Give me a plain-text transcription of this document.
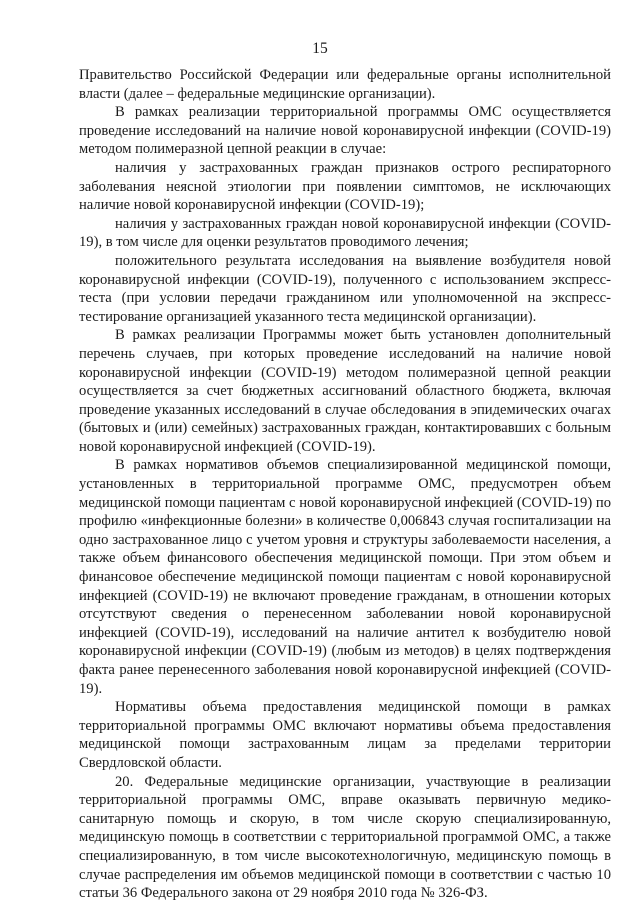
15

Правительство Российской Федерации или федеральные органы исполнительной власти (далее – федеральные медицинские организации).

В рамках реализации территориальной программы ОМС осуществляется проведение исследований на наличие новой коронавирусной инфекции (COVID-19) методом полимеразной цепной реакции в случае:

наличия у застрахованных граждан признаков острого респираторного заболевания неясной этиологии при появлении симптомов, не исключающих наличие новой коронавирусной инфекции (COVID-19);

наличия у застрахованных граждан новой коронавирусной инфекции (COVID-19), в том числе для оценки результатов проводимого лечения;

положительного результата исследования на выявление возбудителя новой коронавирусной инфекции (COVID-19), полученного с использованием экспресс-теста (при условии передачи гражданином или уполномоченной на экспресс-тестирование организацией указанного теста медицинской организации).

В рамках реализации Программы может быть установлен дополнительный перечень случаев, при которых проведение исследований на наличие новой коронавирусной инфекции (COVID-19) методом полимеразной цепной реакции осуществляется за счет бюджетных ассигнований областного бюджета, включая проведение указанных исследований в случае обследования в эпидемических очагах (бытовых и (или) семейных) застрахованных граждан, контактировавших с больным новой коронавирусной инфекцией (COVID-19).

В рамках нормативов объемов специализированной медицинской помощи, установленных в территориальной программе ОМС, предусмотрен объем медицинской помощи пациентам с новой коронавирусной инфекцией (COVID-19) по профилю «инфекционные болезни» в количестве 0,006843 случая госпитализации на одно застрахованное лицо с учетом уровня и структуры заболеваемости населения, а также объем финансового обеспечения медицинской помощи. При этом объем и финансовое обеспечение медицинской помощи пациентам с новой коронавирусной инфекцией (COVID-19) не включают проведение гражданам, в отношении которых отсутствуют сведения о перенесенном заболевании новой коронавирусной инфекцией (COVID-19), исследований на наличие антител к возбудителю новой коронавирусной инфекции (COVID-19) (любым из методов) в целях подтверждения факта ранее перенесенного заболевания новой коронавирусной инфекцией (COVID-19).

Нормативы объема предоставления медицинской помощи в рамках территориальной программы ОМС включают нормативы объема предоставления медицинской помощи застрахованным лицам за пределами территории Свердловской области.

20. Федеральные медицинские организации, участвующие в реализации территориальной программы ОМС, вправе оказывать первичную медико-санитарную помощь и скорую, в том числе скорую специализированную, медицинскую помощь в соответствии с территориальной программой ОМС, а также специализированную, в том числе высокотехнологичную, медицинскую помощь в случае распределения им объемов медицинской помощи в соответствии с частью 10 статьи 36 Федерального закона от 29 ноября 2010 года № 326-ФЗ.
